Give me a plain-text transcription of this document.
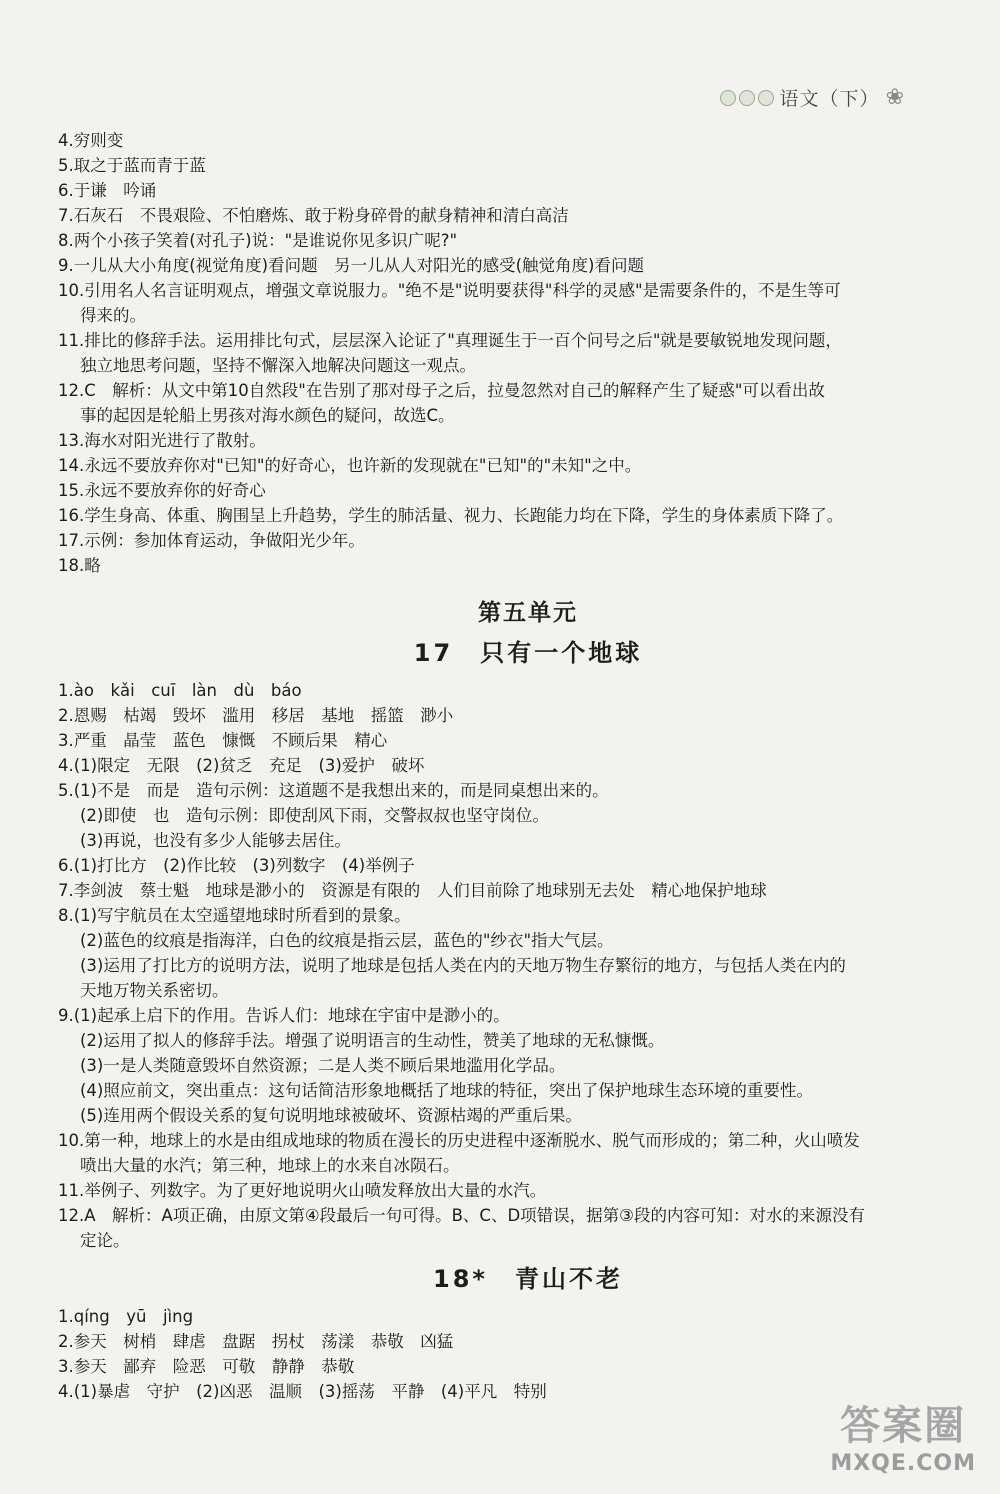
语文（下） ❀
4.穷则变
5.取之于蓝而青于蓝
6.于谦　吟诵
7.石灰石　不畏艰险、不怕磨炼、敢于粉身碎骨的献身精神和清白高洁
8.两个小孩子笑着(对孔子)说："是谁说你见多识广呢?"
9.一儿从大小角度(视觉角度)看问题　另一儿从人对阳光的感受(触觉角度)看问题
10.引用名人名言证明观点，增强文章说服力。"绝不是"说明要获得"科学的灵感"是需要条件的，不是生等可
得来的。
11.排比的修辞手法。运用排比句式，层层深入论证了"真理诞生于一百个问号之后"就是要敏锐地发现问题，
独立地思考问题，坚持不懈深入地解决问题这一观点。
12.C　解析：从文中第10自然段"在告别了那对母子之后，拉曼忽然对自己的解释产生了疑惑"可以看出故
事的起因是轮船上男孩对海水颜色的疑问，故选C。
13.海水对阳光进行了散射。
14.永远不要放弃你对"已知"的好奇心，也许新的发现就在"已知"的"未知"之中。
15.永远不要放弃你的好奇心
16.学生身高、体重、胸围呈上升趋势，学生的肺活量、视力、长跑能力均在下降，学生的身体素质下降了。
17.示例：参加体育运动，争做阳光少年。
18.略
第五单元
17　只有一个地球
1.ào　kǎi　cuī　làn　dù　báo
2.恩赐　枯竭　毁坏　滥用　移居　基地　摇篮　渺小
3.严重　晶莹　蓝色　慷慨　不顾后果　精心
4.(1)限定　无限　(2)贫乏　充足　(3)爱护　破坏
5.(1)不是　而是　造句示例：这道题不是我想出来的，而是同桌想出来的。
(2)即使　也　造句示例：即使刮风下雨，交警叔叔也坚守岗位。
(3)再说，也没有多少人能够去居住。
6.(1)打比方　(2)作比较　(3)列数字　(4)举例子
7.李剑波　蔡士魁　地球是渺小的　资源是有限的　人们目前除了地球别无去处　精心地保护地球
8.(1)写宇航员在太空遥望地球时所看到的景象。
(2)蓝色的纹痕是指海洋，白色的纹痕是指云层，蓝色的"纱衣"指大气层。
(3)运用了打比方的说明方法，说明了地球是包括人类在内的天地万物生存繁衍的地方，与包括人类在内的
天地万物关系密切。
9.(1)起承上启下的作用。告诉人们：地球在宇宙中是渺小的。
(2)运用了拟人的修辞手法。增强了说明语言的生动性，赞美了地球的无私慷慨。
(3)一是人类随意毁坏自然资源；二是人类不顾后果地滥用化学品。
(4)照应前文，突出重点：这句话简洁形象地概括了地球的特征，突出了保护地球生态环境的重要性。
(5)连用两个假设关系的复句说明地球被破坏、资源枯竭的严重后果。
10.第一种，地球上的水是由组成地球的物质在漫长的历史进程中逐渐脱水、脱气而形成的；第二种，火山喷发
喷出大量的水汽；第三种，地球上的水来自冰陨石。
11.举例子、列数字。为了更好地说明火山喷发释放出大量的水汽。
12.A　解析：A项正确，由原文第④段最后一句可得。B、C、D项错误，据第③段的内容可知：对水的来源没有
定论。
18*　青山不老
1.qíng　yū　jìng
2.参天　树梢　肆虐　盘踞　拐杖　荡漾　恭敬　凶猛
3.参天　鄙弃　险恶　可敬　静静　恭敬
4.(1)暴虐　守护　(2)凶恶　温顺　(3)摇荡　平静　(4)平凡　特别
答案圈
MXQE.COM
